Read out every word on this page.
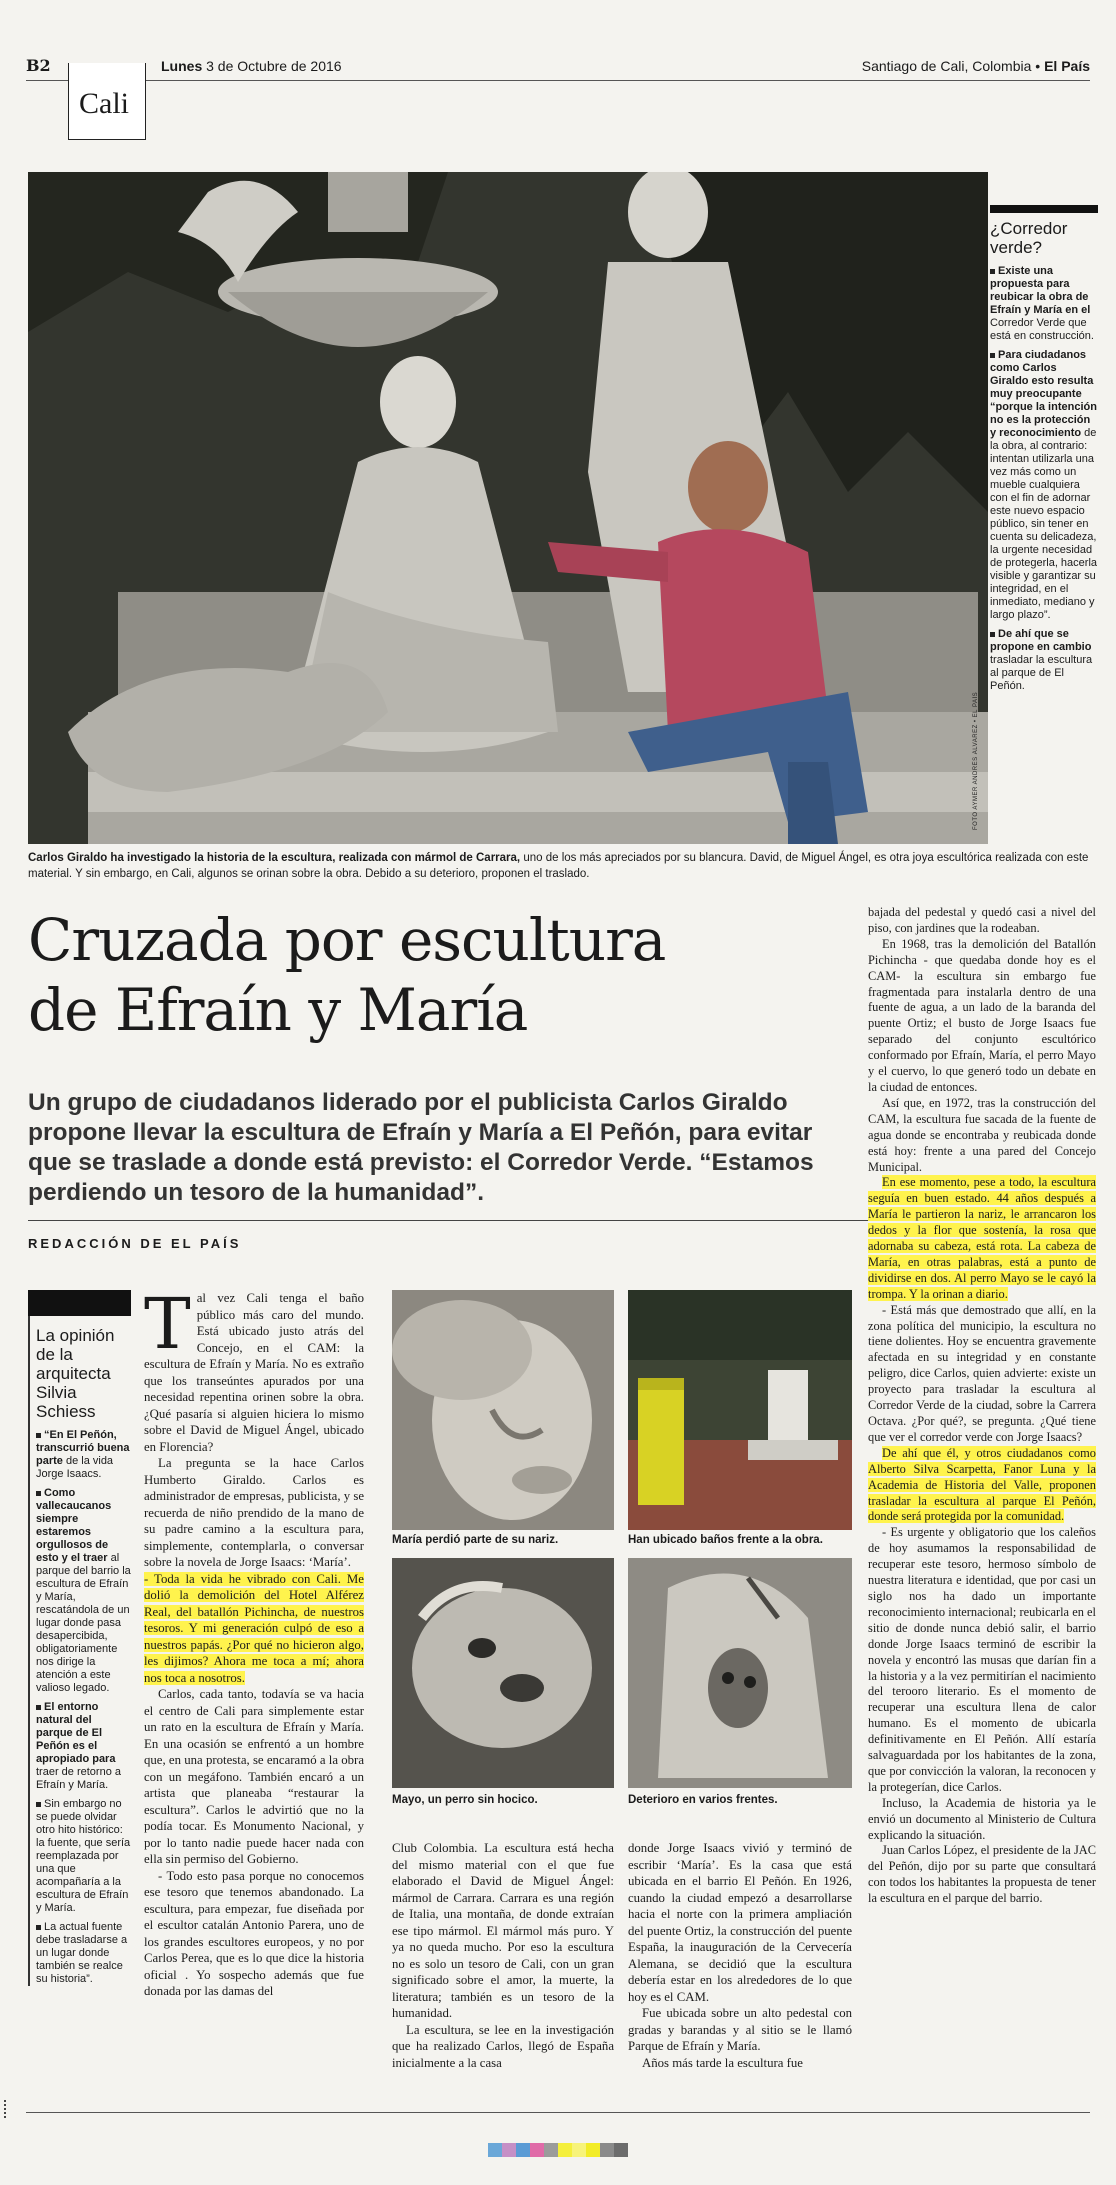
B2	Lunes 3 de Octubre de 2016	Santiago de Cali, Colombia • El País
Cali
FOTO AYMER ANDRÉS ÁLVAREZ • EL PAÍS
¿Corredor verde?

Existe una propuesta para reubicar la obra de Efraín y María en el Corredor Verde que está en construcción.

Para ciudadanos como Carlos Giraldo esto resulta muy preocupante “porque la intención no es la protección y reconocimiento de la obra, al contrario: intentan utilizarla una vez más como un mueble cualquiera con el fin de adornar este nuevo espacio público, sin tener en cuenta su delicadeza, la urgente necesidad de protegerla, hacerla visible y garantizar su integridad, en el inmediato, mediano y largo plazo”.

De ahí que se propone en cambio trasladar la escultura al parque de El Peñón.

Carlos Giraldo ha investigado la historia de la escultura, realizada con mármol de Carrara, uno de los más apreciados por su blancura. David, de Miguel Ángel, es otra joya escultórica realizada con este material. Y sin embargo, en Cali, algunos se orinan sobre la obra. Debido a su deterioro, proponen el traslado.
Cruzada por escultura
de Efraín y María
Un grupo de ciudadanos liderado por el publicista Carlos Giraldo propone llevar la escultura de Efraín y María a El Peñón, para evitar que se traslade a donde está previsto: el Corredor Verde. “Estamos perdiendo un tesoro de la humanidad”.
REDACCIÓN DE EL PAÍS
La opinión de la arquitecta Silvia Schiess

“En El Peñón, transcurrió buena parte de la vida Jorge Isaacs.

Como vallecaucanos siempre estaremos orgullosos de esto y el traer al parque del barrio la escultura de Efraín y María, rescatándola de un lugar donde pasa desapercibida, obligatoriamente nos dirige la atención a este valioso legado.

El entorno natural del parque de El Peñón es el apropiado para traer de retorno a Efraín y María.

Sin embargo no se puede olvidar otro hito histórico: la fuente, que sería reemplazada por una que acompañaría a la escultura de Efraín y María.

La actual fuente debe trasladarse a un lugar donde también se realce su historia”.

Tal vez Cali tenga el baño público más caro del mundo. Está ubicado justo atrás del Concejo, en el CAM: la escultura de Efraín y María. No es extraño que los transeúntes apurados por una necesidad repentina orinen sobre la obra. ¿Qué pasaría si alguien hiciera lo mismo sobre el David de Miguel Ángel, ubicado en Florencia?

La pregunta se la hace Carlos Humberto Giraldo. Carlos es administrador de empresas, publicista, y se recuerda de niño prendido de la mano de su padre camino a la escultura para, simplemente, contemplarla, o conversar sobre la novela de Jorge Isaacs: ‘María’.

- Toda la vida he vibrado con Cali. Me dolió la demolición del Hotel Alférez Real, del batallón Pichincha, de nuestros tesoros. Y mi generación culpó de eso a nuestros papás. ¿Por qué no hicieron algo, les dijimos? Ahora me toca a mí; ahora nos toca a nosotros.

Carlos, cada tanto, todavía se va hacia el centro de Cali para simplemente estar un rato en la escultura de Efraín y María. En una ocasión se enfrentó a un hombre que, en una protesta, se encaramó a la obra con un megáfono. También encaró a un artista que planeaba “restaurar la escultura”. Carlos le advirtió que no la podía tocar. Es Monumento Nacional, y por lo tanto nadie puede hacer nada con ella sin permiso del Gobierno.

- Todo esto pasa porque no conocemos ese tesoro que tenemos abandonado. La escultura, para empezar, fue diseñada por el escultor catalán Antonio Parera, uno de los grandes escultores europeos, y no por Carlos Perea, que es lo que dice la historia oficial . Yo sospecho además que fue donada por las damas del

María perdió parte de su nariz.	Han ubicado baños frente a la obra.
Mayo, un perro sin hocico.	Deterioro en varios frentes.

Club Colombia. La escultura está hecha del mismo material con el que fue elaborado el David de Miguel Ángel: mármol de Carrara. Carrara es una región de Italia, una montaña, de donde extraían ese tipo mármol. El mármol más puro. Y ya no queda mucho. Por eso la escultura no es solo un tesoro de Cali, con un gran significado sobre el amor, la muerte, la literatura; también es un tesoro de la humanidad.

La escultura, se lee en la investigación que ha realizado Carlos, llegó de España inicialmente a la casa

donde Jorge Isaacs vivió y terminó de escribir ‘María’. Es la casa que está ubicada en el barrio El Peñón. En 1926, cuando la ciudad empezó a desarrollarse hacia el norte con la primera ampliación del puente Ortiz, la construcción del puente España, la inauguración de la Cervecería Alemana, se decidió que la escultura debería estar en los alrededores de lo que hoy es el CAM.

Fue ubicada sobre un alto pedestal con gradas y barandas y al sitio se le llamó Parque de Efraín y María.

Años más tarde la escultura fue

bajada del pedestal y quedó casi a nivel del piso, con jardines que la rodeaban.

En 1968, tras la demolición del Batallón Pichincha - que quedaba donde hoy es el CAM- la escultura sin embargo fue fragmentada para instalarla dentro de una fuente de agua, a un lado de la baranda del puente Ortiz; el busto de Jorge Isaacs fue separado del conjunto escultórico conformado por Efraín, María, el perro Mayo y el cuervo, lo que generó todo un debate en la ciudad de entonces.

Así que, en 1972, tras la construcción del CAM, la escultura fue sacada de la fuente de agua donde se encontraba y reubicada donde está hoy: frente a una pared del Concejo Municipal.

En ese momento, pese a todo, la escultura seguía en buen estado. 44 años después a María le partieron la nariz, le arrancaron los dedos y la flor que sostenía, la rosa que adornaba su cabeza, está rota. La cabeza de María, en otras palabras, está a punto de dividirse en dos. Al perro Mayo se le cayó la trompa. Y la orinan a diario.

- Está más que demostrado que allí, en la zona política del municipio, la escultura no tiene dolientes. Hoy se encuentra gravemente afectada en su integridad y en constante peligro, dice Carlos, quien advierte: existe un proyecto para trasladar la escultura al Corredor Verde de la ciudad, sobre la Carrera Octava. ¿Por qué?, se pregunta. ¿Qué tiene que ver el corredor verde con Jorge Isaacs?

De ahí que él, y otros ciudadanos como Alberto Silva Scarpetta, Fanor Luna y la Academia de Historia del Valle, proponen trasladar la escultura al parque El Peñón, donde será protegida por la comunidad.

- Es urgente y obligatorio que los caleños de hoy asumamos la responsabilidad de recuperar este tesoro, hermoso símbolo de nuestra literatura e identidad, que por casi un siglo nos ha dado un importante reconocimiento internacional; reubicarla en el sitio de donde nunca debió salir, el barrio donde Jorge Isaacs terminó de escribir la novela y encontró las musas que darían fin a la historia y a la vez permitirían el nacimiento del terooro literario. Es el momento de recuperar una escultura llena de calor humano. Es el momento de ubicarla definitivamente en El Peñón. Allí estaría salvaguardada por los habitantes de la zona, que por convicción la valoran, la reconocen y la protegerían, dice Carlos.

Incluso, la Academia de historia ya le envió un documento al Ministerio de Cultura explicando la situación.

Juan Carlos López, el presidente de la JAC del Peñón, dijo por su parte que consultará con todos los habitantes la propuesta de tener la escultura en el parque del barrio.
